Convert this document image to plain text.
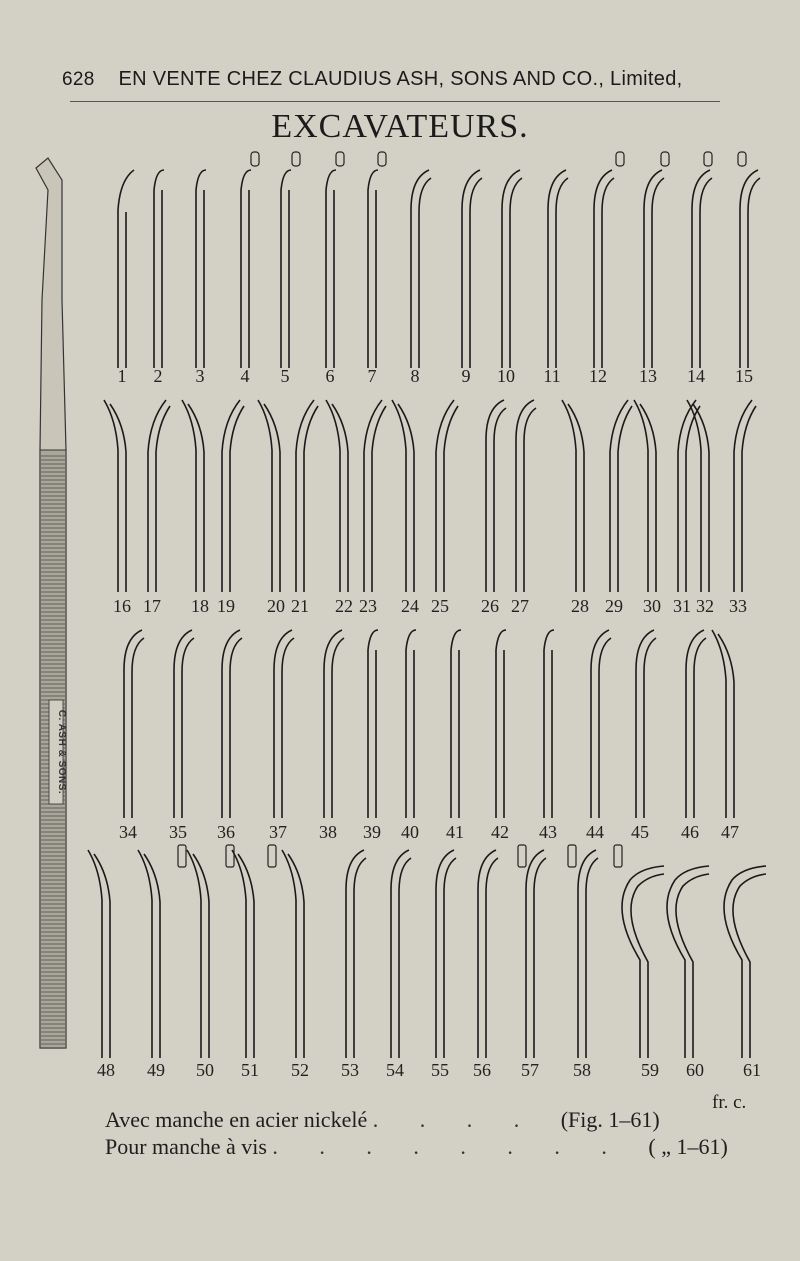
628 EN VENTE CHEZ CLAUDIUS ASH, SONS AND CO., Limited,
EXCAVATEURS.
C. ASH & SONS.
1 2 3 4 5 6 7 8 9 10 11 12 13 14 15
16 17 18 19 20 21 22 23 24 25 26 27 28 29 30 31 32 33
34 35 36 37 38 39 40 41 42 43 44 45 46 47
48 49 50 51 52 53 54 55 56 57 58	59 60 61
fr. c.
Avec manche en acier nickelé . . . . (Fig. 1–61)
Pour manche à vis . . . . . . . . ( „ 1–61)
